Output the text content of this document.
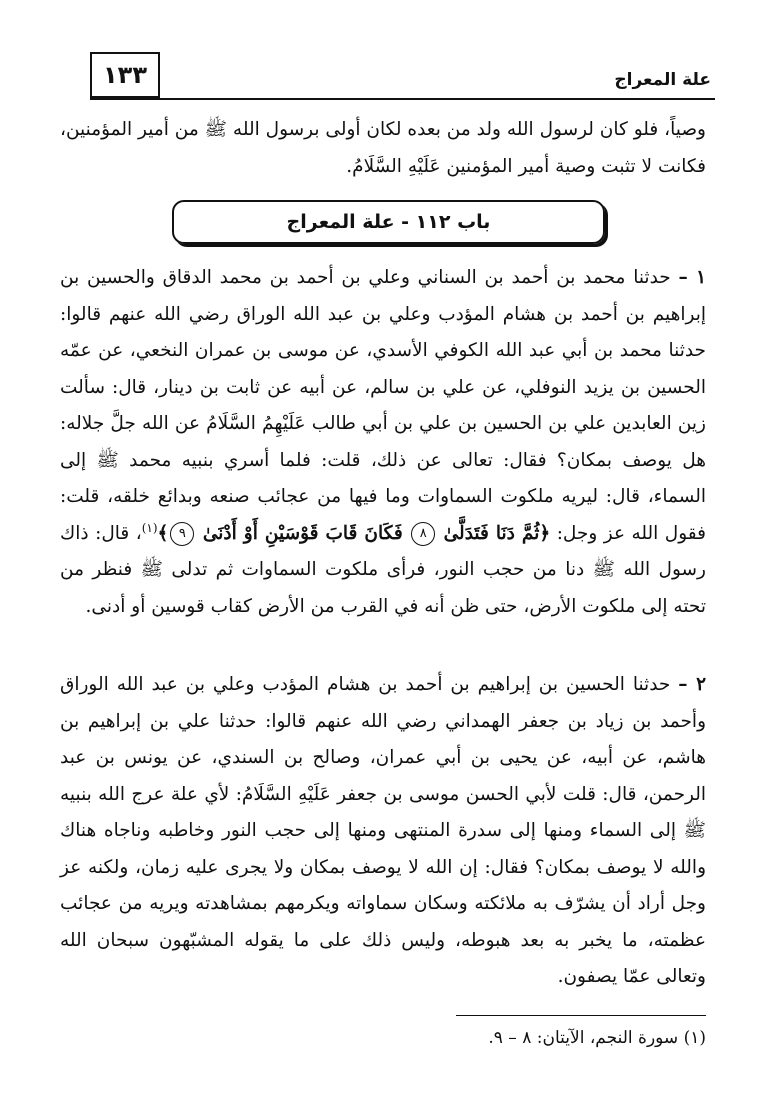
١٣٣	علة المعراج
وصياً، فلو كان لرسول الله ولد من بعده لكان أولى برسول الله ﷺ من أمير المؤمنين، فكانت لا تثبت وصية أمير المؤمنين عَلَيْهِ السَّلَامُ.
باب ١١٢ - علة المعراج
١ – حدثنا محمد بن أحمد بن السناني وعلي بن أحمد بن محمد الدقاق والحسين بن إبراهيم بن أحمد بن هشام المؤدب وعلي بن عبد الله الوراق رضي الله عنهم قالوا: حدثنا محمد بن أبي عبد الله الكوفي الأسدي، عن موسى بن عمران النخعي، عن عمّه الحسين بن يزيد النوفلي، عن علي بن سالم، عن أبيه عن ثابت بن دينار، قال: سألت زين العابدين علي بن الحسين بن علي بن أبي طالب عَلَيْهِمُ السَّلَامُ عن الله جلَّ جلاله: هل يوصف بمكان؟ فقال: تعالى عن ذلك، قلت: فلما أسري بنبيه محمد ﷺ إلى السماء، قال: ليريه ملكوت السماوات وما فيها من عجائب صنعه وبدائع خلقه، قلت: فقول الله عز وجل: ﴿ثُمَّ دَنَا فَتَدَلَّىٰ ٨ فَكَانَ قَابَ قَوْسَيْنِ أَوْ أَدْنَىٰ ٩﴾$^{(١)}$، قال: ذاك رسول الله ﷺ دنا من حجب النور، فرأى ملكوت السماوات ثم تدلى ﷺ فنظر من تحته إلى ملكوت الأرض، حتى ظن أنه في القرب من الأرض كقاب قوسين أو أدنى.
٢ – حدثنا الحسين بن إبراهيم بن أحمد بن هشام المؤدب وعلي بن عبد الله الوراق وأحمد بن زياد بن جعفر الهمداني رضي الله عنهم قالوا: حدثنا علي بن إبراهيم بن هاشم، عن أبيه، عن يحيى بن أبي عمران، وصالح بن السندي، عن يونس بن عبد الرحمن، قال: قلت لأبي الحسن موسى بن جعفر عَلَيْهِ السَّلَامُ: لأي علة عرج الله بنبيه ﷺ إلى السماء ومنها إلى سدرة المنتهى ومنها إلى حجب النور وخاطبه وناجاه هناك والله لا يوصف بمكان؟ فقال: إن الله لا يوصف بمكان ولا يجرى عليه زمان، ولكنه عز وجل أراد أن يشرّف به ملائكته وسكان سماواته ويكرمهم بمشاهدته ويريه من عجائب عظمته، ما يخبر به بعد هبوطه، وليس ذلك على ما يقوله المشبّهون سبحان الله وتعالى عمّا يصفون.
(١) سورة النجم، الآيتان: ٨ – ٩.
